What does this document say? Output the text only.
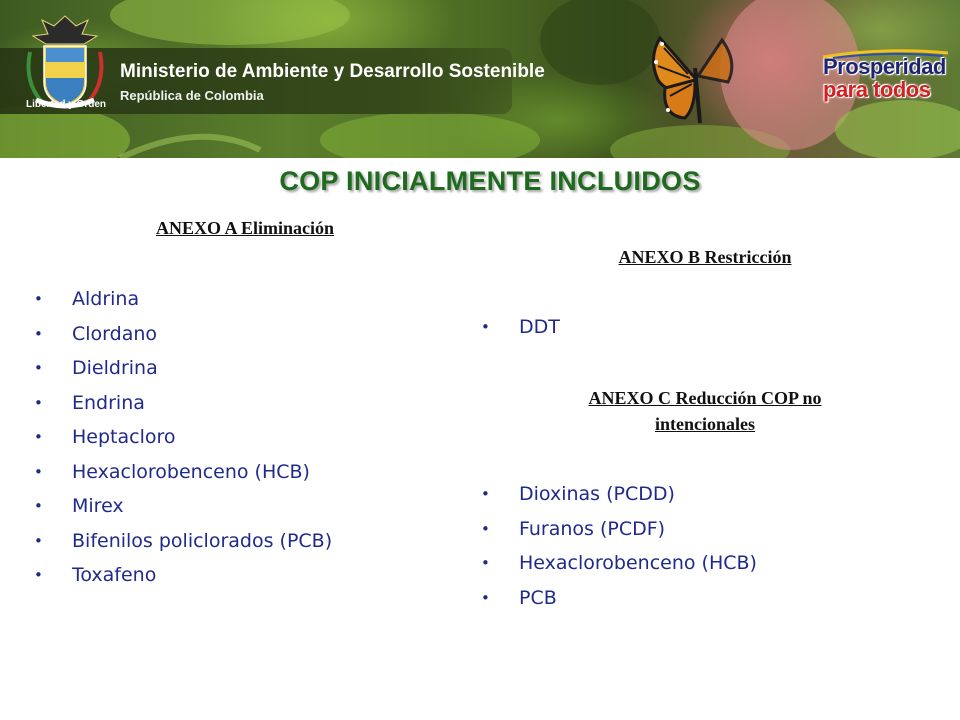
Libertad y Orden
Ministerio de Ambiente y Desarrollo Sostenible
República de Colombia
Prosperidad
para todos
COP INICIALMENTE INCLUIDOS
ANEXO A Eliminación
• Aldrina
• Clordano
• Dieldrina
• Endrina
• Heptacloro
• Hexaclorobenceno (HCB)
• Mirex
• Bifenilos policlorados (PCB)
• Toxafeno
ANEXO B Restricción
• DDT
ANEXO C Reducción COP no
intencionales
• Dioxinas (PCDD)
• Furanos (PCDF)
• Hexaclorobenceno (HCB)
• PCB
